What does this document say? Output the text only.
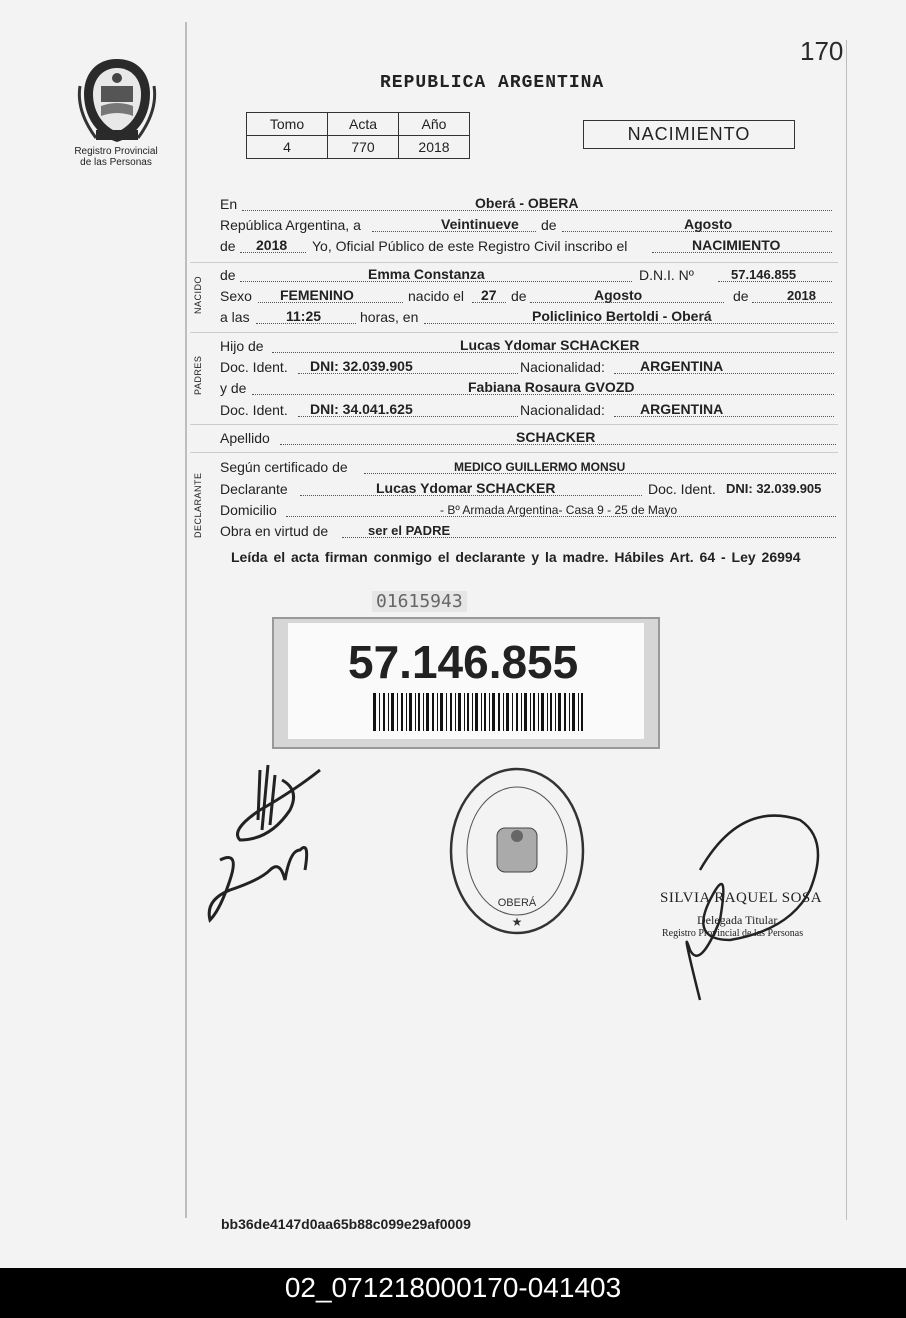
170
Registro Provincial
de las Personas
REPUBLICA ARGENTINA
Tomo	Acta	Año
4	770	2018
NACIMIENTO
En	Oberá - OBERA
República Argentina, a	Veintinueve de	Agosto
de 2018 Yo, Oficial Público de este Registro Civil inscribo el	NACIMIENTO
NACIDO
de	Emma Constanza	D.N.I. Nº	57.146.855
Sexo FEMENINO	nacido el 27 de	Agosto	de	2018
a las	11:25	horas, en	Policlinico Bertoldi - Oberá
PADRES
Hijo de	Lucas Ydomar SCHACKER
Doc. Ident. DNI: 32.039.905	Nacionalidad:	ARGENTINA
y de	Fabiana Rosaura GVOZD
Doc. Ident. DNI: 34.041.625	Nacionalidad:	ARGENTINA
Apellido	SCHACKER
DECLARANTE
Según certificado de	MEDICO GUILLERMO MONSU
Declarante	Lucas Ydomar SCHACKER	Doc. Ident. DNI: 32.039.905
Domicilio	- Bº Armada Argentina- Casa 9 - 25 de Mayo
Obra en virtud de	ser el PADRE
Leída el acta firman conmigo el declarante y la madre. Hábiles Art. 64 - Ley 26994
01615943
57.146.855
OBERÁ
★
SILVIA RAQUEL SOSA
Delegada Titular
Registro Provincial de las Personas
bb36de4147d0aa65b88c099e29af0009
02_071218000170-041403
